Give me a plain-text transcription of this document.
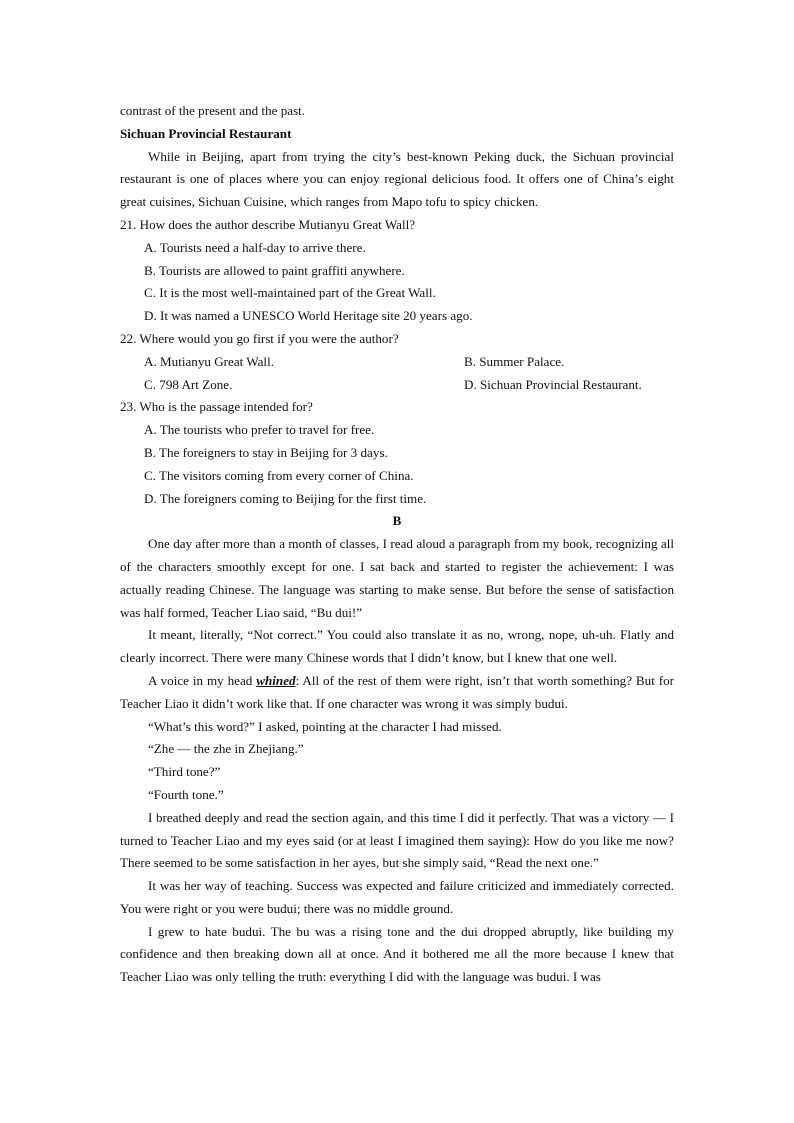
contrast of the present and the past.

Sichuan Provincial Restaurant

While in Beijing, apart from trying the city’s best-known Peking duck, the Sichuan provincial restaurant is one of places where you can enjoy regional delicious food. It offers one of China’s eight great cuisines, Sichuan Cuisine, which ranges from Mapo tofu to spicy chicken.

21. How does the author describe Mutianyu Great Wall?

A. Tourists need a half-day to arrive there.

B. Tourists are allowed to paint graffiti anywhere.

C. It is the most well-maintained part of the Great Wall.

D. It was named a UNESCO World Heritage site 20 years ago.

22. Where would you go first if you were the author?

A. Mutianyu Great Wall.	B. Summer Palace.
C. 798 Art Zone.	D. Sichuan Provincial Restaurant.

23. Who is the passage intended for?

A. The tourists who prefer to travel for free.

B. The foreigners to stay in Beijing for 3 days.

C. The visitors coming from every corner of China.

D. The foreigners coming to Beijing for the first time.

B

One day after more than a month of classes, I read aloud a paragraph from my book, recognizing all of the characters smoothly except for one. I sat back and started to register the achievement: I was actually reading Chinese. The language was starting to make sense. But before the sense of satisfaction was half formed, Teacher Liao said, “Bu dui!”

It meant, literally, “Not correct.” You could also translate it as no, wrong, nope, uh-uh. Flatly and clearly incorrect. There were many Chinese words that I didn’t know, but I knew that one well.

A voice in my head whined: All of the rest of them were right, isn’t that worth something? But for Teacher Liao it didn’t work like that. If one character was wrong it was simply budui.

“What’s this word?” I asked, pointing at the character I had missed.

“Zhe — the zhe in Zhejiang.”

“Third tone?”

“Fourth tone.”

I breathed deeply and read the section again, and this time I did it perfectly. That was a victory — I turned to Teacher Liao and my eyes said (or at least I imagined them saying): How do you like me now? There seemed to be some satisfaction in her ayes, but she simply said, “Read the next one.”

It was her way of teaching. Success was expected and failure criticized and immediately corrected. You were right or you were budui; there was no middle ground.

I grew to hate budui. The bu was a rising tone and the dui dropped abruptly, like building my confidence and then breaking down all at once. And it bothered me all the more because I knew that Teacher Liao was only telling the truth: everything I did with the language was budui. I was
